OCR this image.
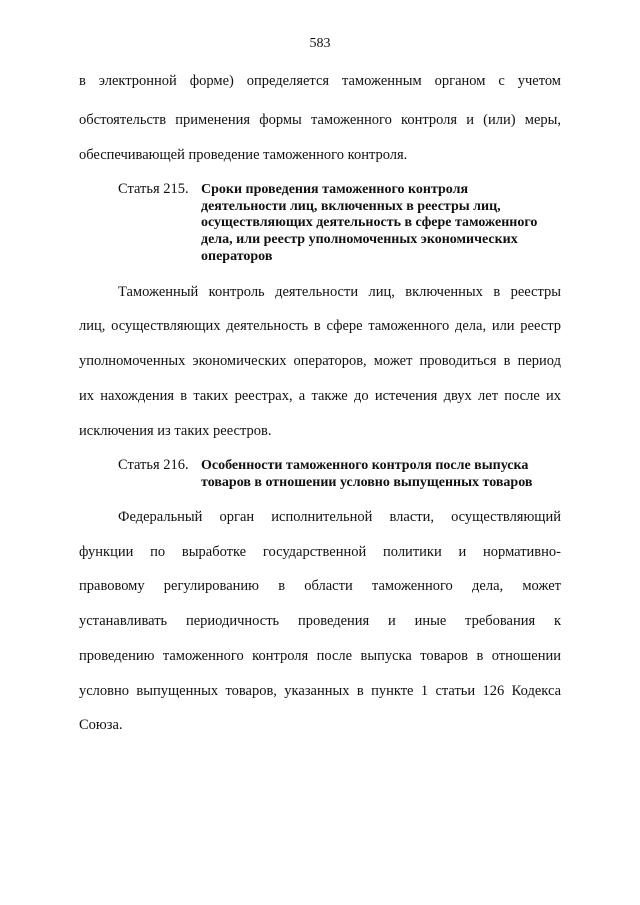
583
в электронной форме) определяется таможенным органом с учетом
обстоятельств применения формы таможенного контроля и (или) меры,
обеспечивающей проведение таможенного контроля.
Статья 215. Сроки проведения таможенного контроля
деятельности лиц, включенных в реестры лиц,
осуществляющих деятельность в сфере таможенного
дела, или реестр уполномоченных экономических
операторов
Таможенный контроль деятельности лиц, включенных в реестры
лиц, осуществляющих деятельность в сфере таможенного дела, или реестр
уполномоченных экономических операторов, может проводиться в период
их нахождения в таких реестрах, а также до истечения двух лет после их
исключения из таких реестров.
Статья 216. Особенности таможенного контроля после выпуска
товаров в отношении условно выпущенных товаров
Федеральный орган исполнительной власти, осуществляющий
функции по выработке государственной политики и нормативно-
правовому регулированию в области таможенного дела, может
устанавливать периодичность проведения и иные требования к
проведению таможенного контроля после выпуска товаров в отношении
условно выпущенных товаров, указанных в пункте 1 статьи 126 Кодекса
Союза.
